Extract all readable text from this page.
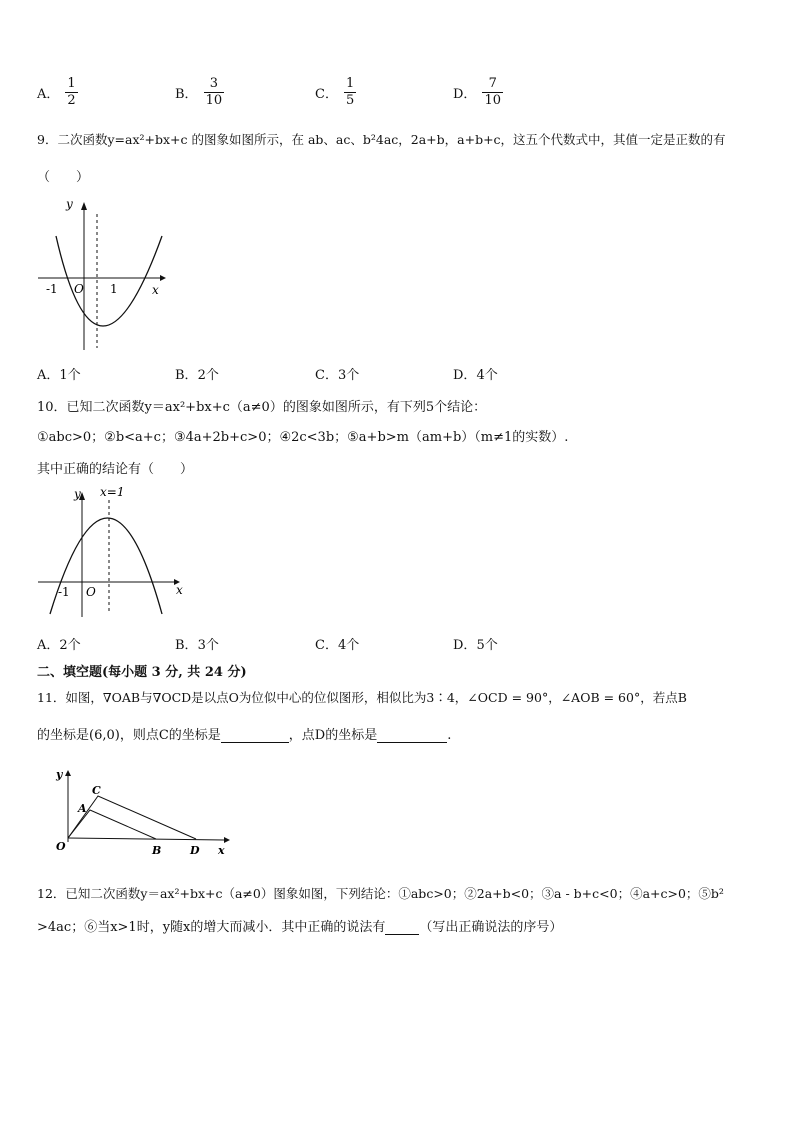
A． $\frac{1}{2}$	B． $\frac{3}{10}$	C． $\frac{1}{5}$	D． $\frac{7}{10}$
9．二次函数y=ax²+bx+c 的图象如图所示，在 ab、ac、b²4ac，2a+b，a+b+c，这五个代数式中，其值一定是正数的有
（　　）
y
x
O
-1	1
A．1个	B．2个	C．3个	D．4个
10．已知二次函数y＝ax²+bx+c（a≠0）的图象如图所示，有下列5个结论：
①abc>0；②b<a+c；③4a+2b+c>0；④2c<3b；⑤a+b>m（am+b）（m≠1的实数）.
其中正确的结论有（　　）
y x=1
x
O
-1
A．2个	B．3个	C．4个	D．5个
二、填空题(每小题 3 分, 共 24 分)
11．如图，∇OAB与∇OCD是以点O为位似中心的位似图形，相似比为3∶4，∠OCD = 90°，∠AOB = 60°，若点B
的坐标是(6,0)，则点C的坐标是	，点D的坐标是	.
y
x
O
A
C
B	D
12．已知二次函数y＝ax²+bx+c（a≠0）图象如图，下列结论：①abc>0；②2a+b<0；③a - b+c<0；④a+c>0；⑤b²
>4ac；⑥当x>1时，y随x的增大而减小．其中正确的说法有	（写出正确说法的序号）
